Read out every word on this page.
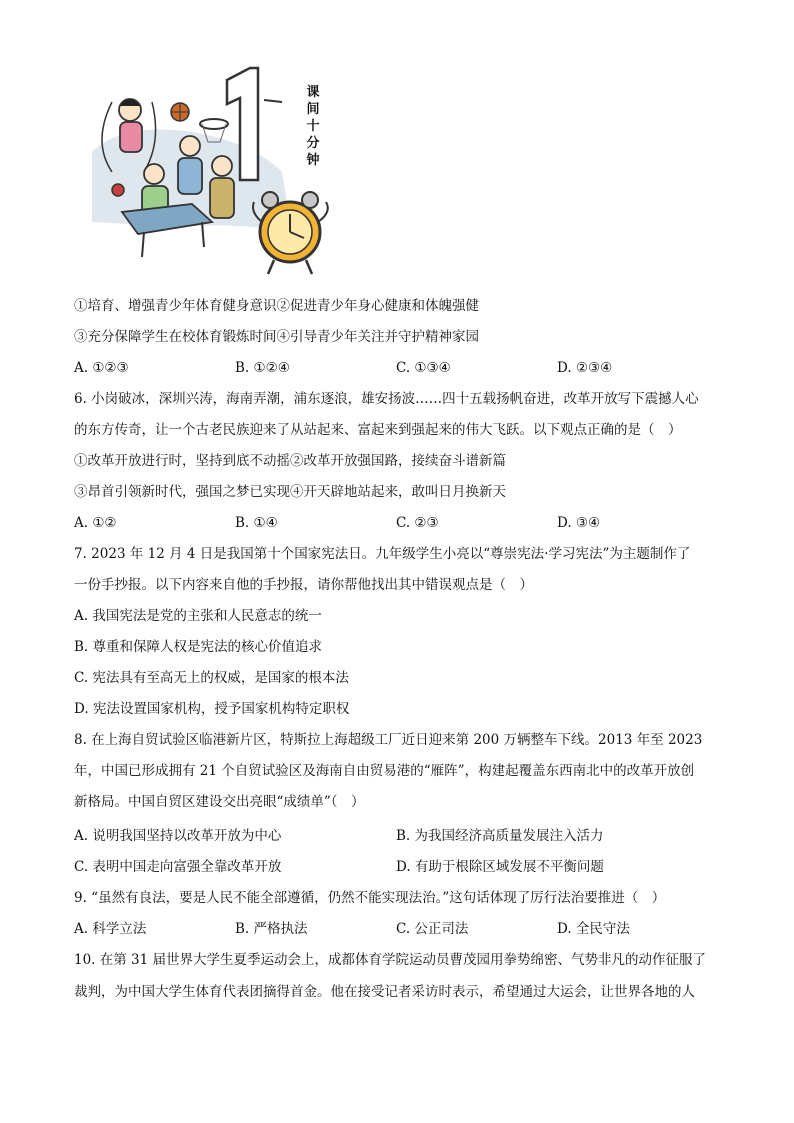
课
间
十
分
钟
①培育、增强青少年体育健身意识②促进青少年身心健康和体魄强健
③充分保障学生在校体育锻炼时间④引导青少年关注并守护精神家园
A. ①②③	B. ①②④	C. ①③④	D. ②③④
6. 小岗破冰，深圳兴涛，海南弄潮，浦东逐浪，雄安扬波……四十五载扬帆奋进，改革开放写下震撼人心
的东方传奇，让一个古老民族迎来了从站起来、富起来到强起来的伟大飞跃。以下观点正确的是（　）
①改革开放进行时，坚持到底不动摇②改革开放强国路，接续奋斗谱新篇
③昂首引领新时代，强国之梦已实现④开天辟地站起来，敢叫日月换新天
A. ①②	B. ①④	C. ②③	D. ③④
7. 2023 年 12 月 4 日是我国第十个国家宪法日。九年级学生小亮以“尊崇宪法·学习宪法”为主题制作了
一份手抄报。以下内容来自他的手抄报，请你帮他找出其中错误观点是（　）
A. 我国宪法是党的主张和人民意志的统一
B. 尊重和保障人权是宪法的核心价值追求
C. 宪法具有至高无上的权威，是国家的根本法
D. 宪法设置国家机构，授予国家机构特定职权
8. 在上海自贸试验区临港新片区，特斯拉上海超级工厂近日迎来第 200 万辆整车下线。2013 年至 2023
年，中国已形成拥有 21 个自贸试验区及海南自由贸易港的“雁阵”，构建起覆盖东西南北中的改革开放创
新格局。中国自贸区建设交出亮眼“成绩单”（　）
A. 说明我国坚持以改革开放为中心	B. 为我国经济高质量发展注入活力
C. 表明中国走向富强全靠改革开放	D. 有助于根除区域发展不平衡问题
9. “虽然有良法，要是人民不能全部遵循，仍然不能实现法治。”这句话体现了厉行法治要推进（　）
A. 科学立法	B. 严格执法	C. 公正司法	D. 全民守法
10. 在第 31 届世界大学生夏季运动会上，成都体育学院运动员曹茂园用拳势绵密、气势非凡的动作征服了
裁判，为中国大学生体育代表团摘得首金。他在接受记者采访时表示，希望通过大运会，让世界各地的人
